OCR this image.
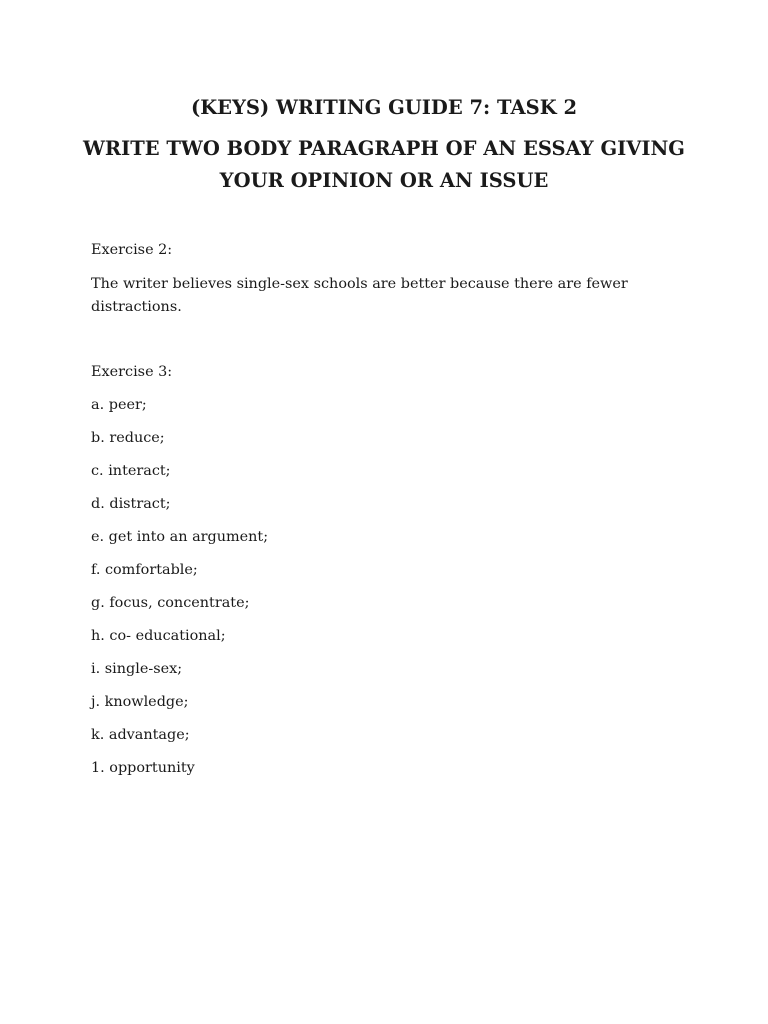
(KEYS) WRITING GUIDE 7: TASK 2
WRITE TWO BODY PARAGRAPH OF AN ESSAY GIVING
YOUR OPINION OR AN ISSUE

Exercise 2:

The writer believes single-sex schools are better because there are fewer
distractions.

Exercise 3:

a. peer;

b. reduce;

c. interact;

d. distract;

e. get into an argument;

f. comfortable;

g. focus, concentrate;

h. co- educational;

i. single-sex;

j. knowledge;

k. advantage;

1. opportunity
